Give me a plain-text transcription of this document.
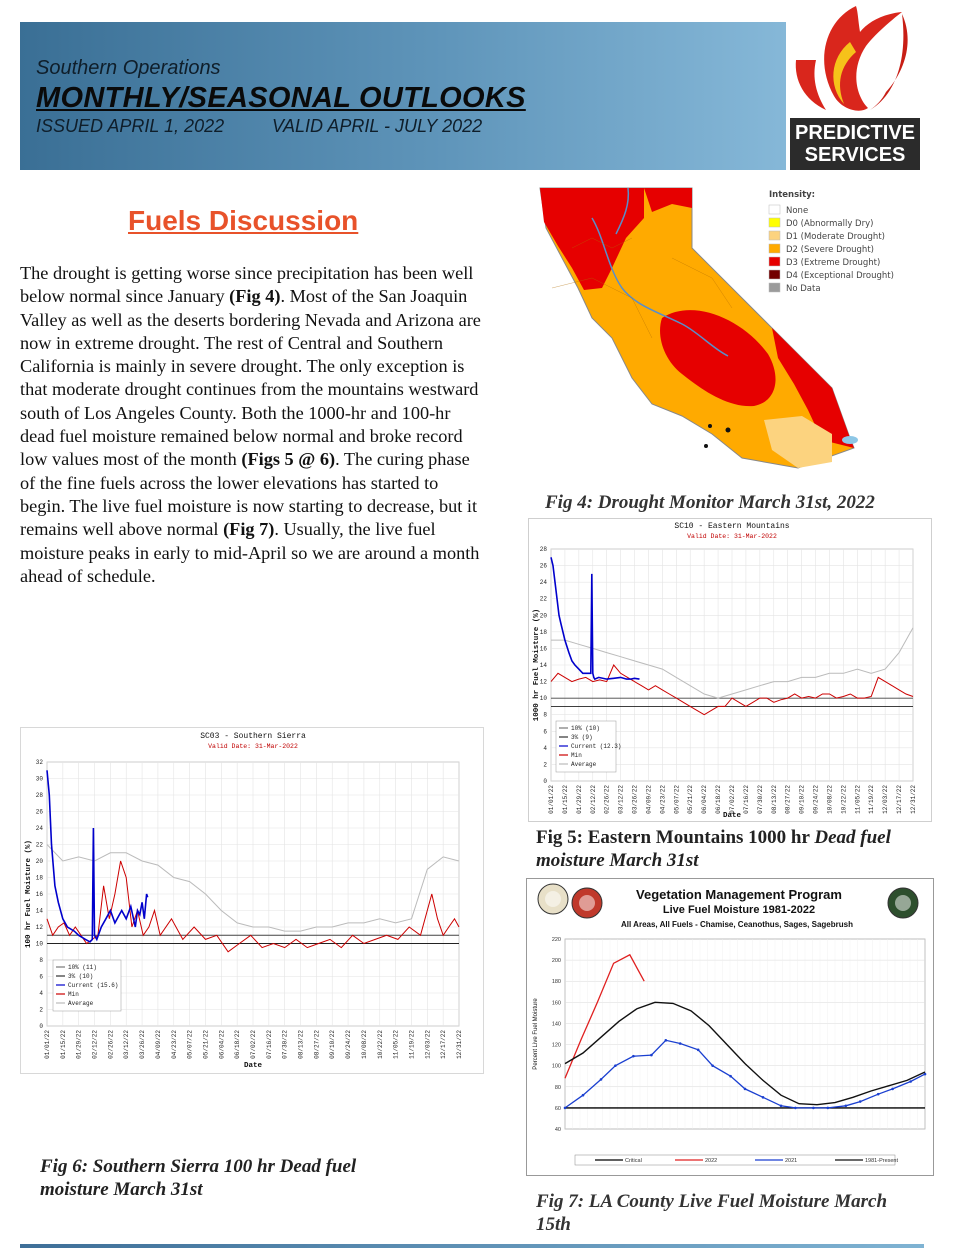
Southern Operations
MONTHLY/SEASONAL OUTLOOKS
ISSUED APRIL 1, 2022	VALID APRIL - JULY 2022	PREDICTIVE
SERVICES
Fuels Discussion
The drought is getting worse since precipitation has been well below normal since January (Fig 4). Most of the San Joaquin Valley as well as the deserts bordering Nevada and Arizona are now in extreme drought. The rest of Central and Southern California is mainly in severe drought. The only exception is that moderate drought continues from the mountains westward south of Los Angeles County. Both the 1000-hr and 100-hr dead fuel moisture remained below normal and broke record low values most of the month (Figs 5 @ 6). The curing phase of the fine fuels across the lower elevations has started to begin. The live fuel moisture is now starting to decrease, but it remains well above normal (Fig 7). Usually, the live fuel moisture peaks in early to mid-April so we are around a month ahead of schedule.
Intensity:
None
D0 (Abnormally Dry)
D1 (Moderate Drought)
D2 (Severe Drought)
D3 (Extreme Drought)
D4 (Exceptional Drought)
No Data
Fig 4: Drought Monitor March 31st, 2022
SC10 - Eastern Mountains
Valid Date: 31-Mar-2022
0
2
4
6
8
10
12
14
16
18
20
22
24
26
28
01/01/22 01/15/22 01/29/22 02/12/22 02/26/22 03/12/22 03/26/22 04/09/22 04/23/22 05/07/22 05/21/22 06/04/22 06/18/22 07/02/22 07/16/22 07/30/22 08/13/22 08/27/22 09/10/22 09/24/22 10/08/22 10/22/22 11/05/22 11/19/22 12/03/22 12/17/22 12/31/22
Date
1000 hr Fuel Moisture (%)
10% (10)
3% (9)
Current (12.3)
Min
Average
Fig 5: Eastern Mountains 1000 hr Dead fuel moisture March 31st
SC03 - Southern Sierra
Valid Date: 31-Mar-2022
0
2
4
6
8
10
12
14
16
18
20
22
24
26
28
30
32
01/01/22 01/15/22 01/29/22 02/12/22 02/26/22 03/12/22 03/26/22 04/09/22 04/23/22 05/07/22 05/21/22 06/04/22 06/18/22 07/02/22 07/16/22 07/30/22 08/13/22 08/27/22 09/10/22 09/24/22 10/08/22 10/22/22 11/05/22 11/19/22 12/03/22 12/17/22 12/31/22
Date
100 hr Fuel Moisture (%)
10% (11)
3% (10)
Current (15.6)
Min
Average
Fig 6: Southern Sierra 100 hr Dead fuel moisture March 31st
Vegetation Management Program
Live Fuel Moisture 1981-2022
All Areas, All Fuels - Chamise, Ceanothus, Sages, Sagebrush
40
60
80
100
120
140
160
180
200
220
Percent Live Fuel Moisture
Critical	2022	2021	1981-Present
Fig 7: LA County Live Fuel Moisture March 15th
